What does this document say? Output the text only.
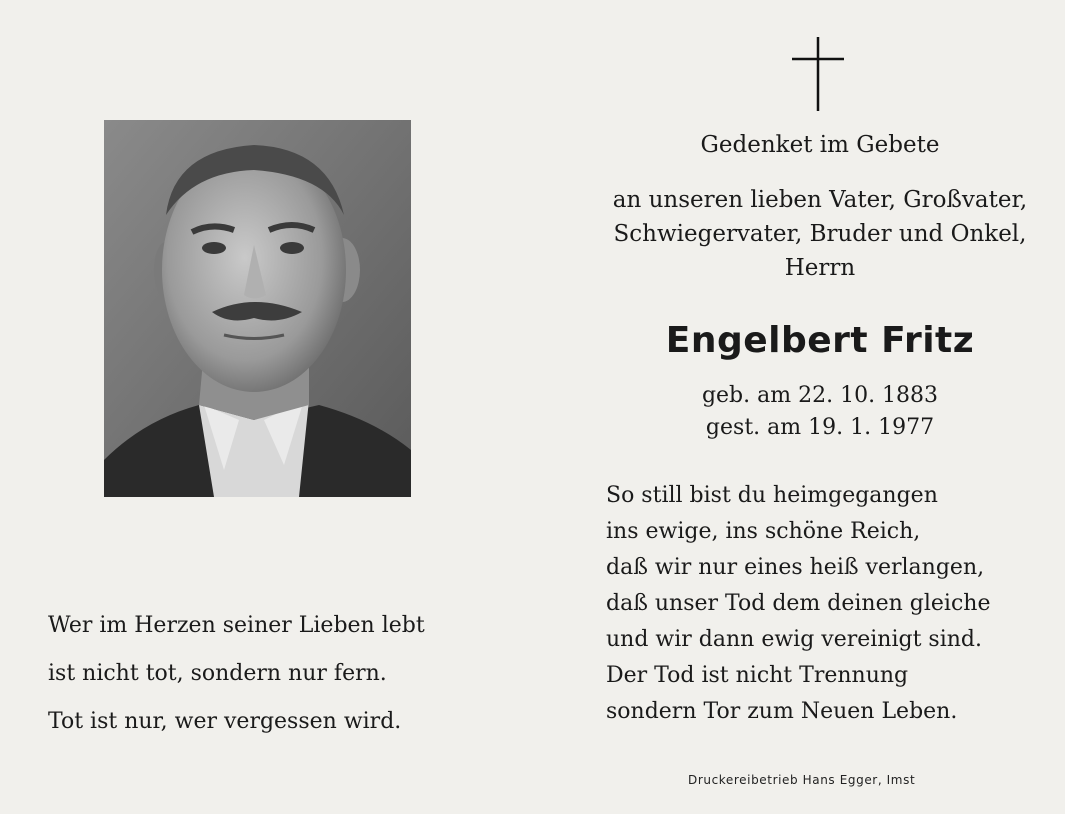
Gedenket im Gebete
an unseren lieben Vater, Großvater,
Schwiegervater, Bruder und Onkel,
Herrn
Engelbert Fritz
geb. am 22. 10. 1883
gest. am 19. 1. 1977
So still bist du heimgegangen
ins ewige, ins schöne Reich,
daß wir nur eines heiß verlangen,
daß unser Tod dem deinen gleiche
und wir dann ewig vereinigt sind.
Der Tod ist nicht Trennung
sondern Tor zum Neuen Leben.
Wer im Herzen seiner Lieben lebt
ist nicht tot, sondern nur fern.
Tot ist nur, wer vergessen wird.
Druckereibetrieb Hans Egger, Imst
